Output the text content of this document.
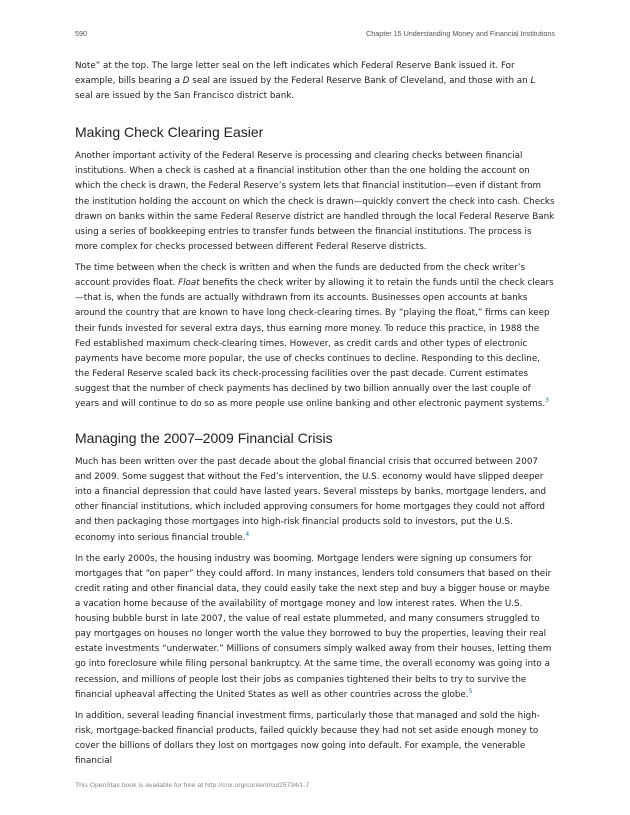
590	Chapter 15 Understanding Money and Financial Institutions

Note” at the top. The large letter seal on the left indicates which Federal Reserve Bank issued it. For example, bills bearing a D seal are issued by the Federal Reserve Bank of Cleveland, and those with an L seal are issued by the San Francisco district bank.

Making Check Clearing Easier

Another important activity of the Federal Reserve is processing and clearing checks between financial institutions. When a check is cashed at a financial institution other than the one holding the account on which the check is drawn, the Federal Reserve’s system lets that financial institution—even if distant from the institution holding the account on which the check is drawn—quickly convert the check into cash. Checks drawn on banks within the same Federal Reserve district are handled through the local Federal Reserve Bank using a series of bookkeeping entries to transfer funds between the financial institutions. The process is more complex for checks processed between different Federal Reserve districts.

The time between when the check is written and when the funds are deducted from the check writer’s account provides float. Float benefits the check writer by allowing it to retain the funds until the check clears—that is, when the funds are actually withdrawn from its accounts. Businesses open accounts at banks around the country that are known to have long check-clearing times. By “playing the float,” firms can keep their funds invested for several extra days, thus earning more money. To reduce this practice, in 1988 the Fed established maximum check-clearing times. However, as credit cards and other types of electronic payments have become more popular, the use of checks continues to decline. Responding to this decline, the Federal Reserve scaled back its check-processing facilities over the past decade. Current estimates suggest that the number of check payments has declined by two billion annually over the last couple of years and will continue to do so as more people use online banking and other electronic payment systems.$^3$

Managing the 2007–2009 Financial Crisis

Much has been written over the past decade about the global financial crisis that occurred between 2007 and 2009. Some suggest that without the Fed’s intervention, the U.S. economy would have slipped deeper into a financial depression that could have lasted years. Several missteps by banks, mortgage lenders, and other financial institutions, which included approving consumers for home mortgages they could not afford and then packaging those mortgages into high-risk financial products sold to investors, put the U.S. economy into serious financial trouble.$^4$

In the early 2000s, the housing industry was booming. Mortgage lenders were signing up consumers for mortgages that “on paper” they could afford. In many instances, lenders told consumers that based on their credit rating and other financial data, they could easily take the next step and buy a bigger house or maybe a vacation home because of the availability of mortgage money and low interest rates. When the U.S. housing bubble burst in late 2007, the value of real estate plummeted, and many consumers struggled to pay mortgages on houses no longer worth the value they borrowed to buy the properties, leaving their real estate investments “underwater.” Millions of consumers simply walked away from their houses, letting them go into foreclosure while filing personal bankruptcy. At the same time, the overall economy was going into a recession, and millions of people lost their jobs as companies tightened their belts to try to survive the financial upheaval affecting the United States as well as other countries across the globe.$^5$

In addition, several leading financial investment firms, particularly those that managed and sold the high-risk, mortgage-backed financial products, failed quickly because they had not set aside enough money to cover the billions of dollars they lost on mortgages now going into default. For example, the venerable financial

This OpenStax book is available for free at http://cnx.org/content/col25734/1.7
